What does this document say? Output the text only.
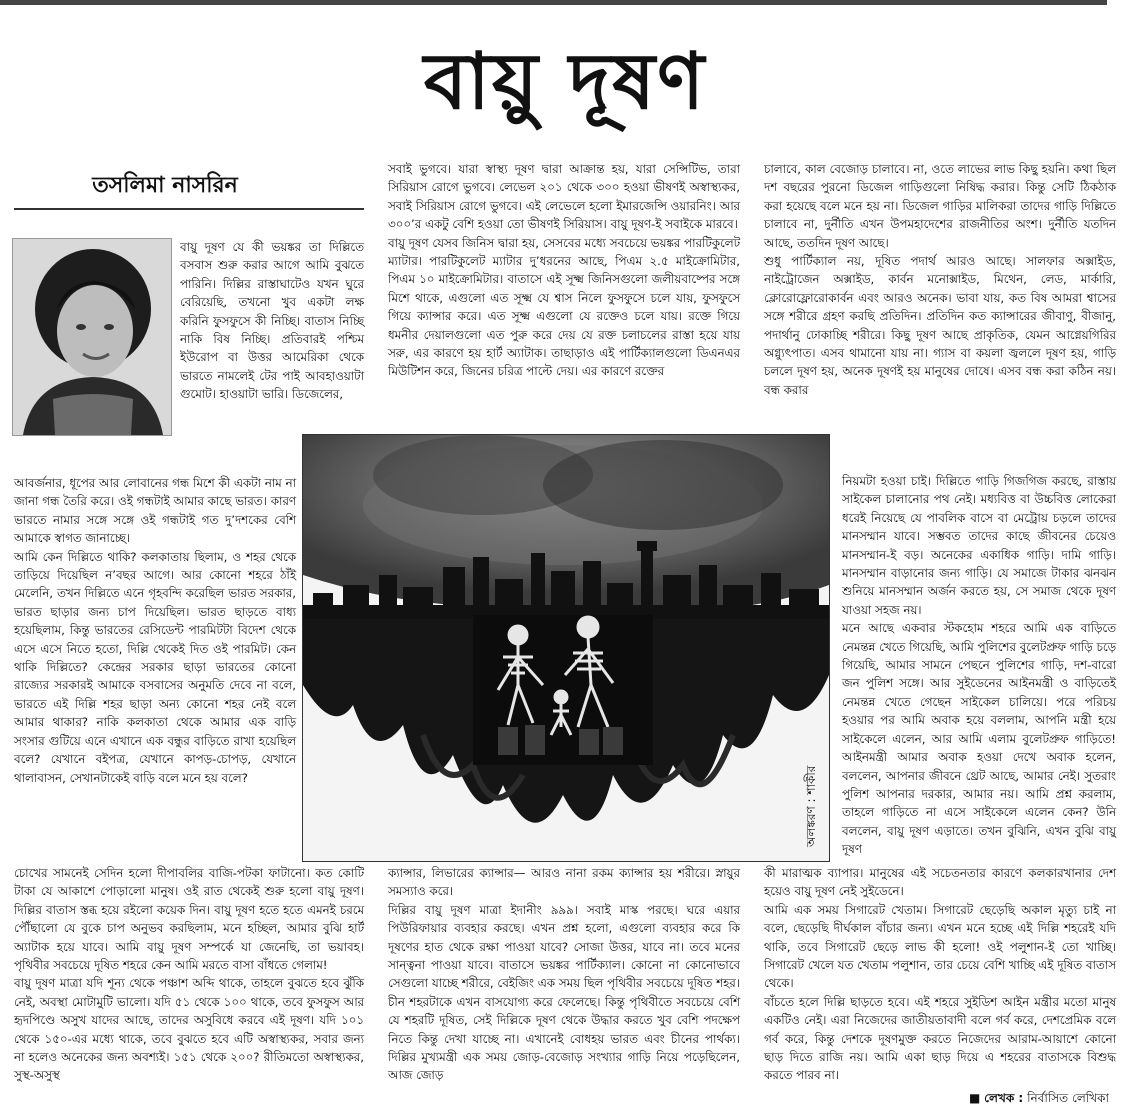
বায়ু দূষণ
তসলিমা নাসরিন

বায়ু দূষণ যে কী ভয়ঙ্কর তা দিল্লিতে বসবাস শুরু করার আগে আমি বুঝতে পারিনি। দিল্লির রাস্তাঘাটেও যখন ঘুরে বেরিয়েছি, তখনো খুব একটা লক্ষ করিনি ফুসফুসে কী নিচ্ছি। বাতাস নিচ্ছি নাকি বিষ নিচ্ছি। প্রতিবারই পশ্চিম ইউরোপ বা উত্তর আমেরিকা থেকে ভারতে নামলেই টের পাই আবহাওয়াটা গুমোট। হাওয়াটা ভারি। ডিজেলের,

আবর্জনার, ধূপের আর লোবানের গন্ধ মিশে কী একটা নাম না জানা গন্ধ তৈরি করে। ওই গন্ধটাই আমার কাছে ভারত। কারণ ভারতে নামার সঙ্গে সঙ্গে ওই গন্ধটাই গত দু’দশকের বেশি আমাকে স্বাগত জানাচ্ছে।

আমি কেন দিল্লিতে থাকি? কলকাতায় ছিলাম, ও শহর থেকে তাড়িয়ে দিয়েছিল ন’বছর আগে। আর কোনো শহরে ঠাঁই মেলেনি, তখন দিল্লিতে এনে গৃহবন্দি করেছিল ভারত সরকার, ভারত ছাড়ার জন্য চাপ দিয়েছিল। ভারত ছাড়তে বাধ্য হয়েছিলাম, কিন্তু ভারতের রেসিডেন্ট পারমিটটা বিদেশ থেকে এসে এসে নিতে হতো, দিল্লি থেকেই দিত ওই পারমিট। কেন থাকি দিল্লিতে? কেন্দ্রের সরকার ছাড়া ভারতের কোনো রাজ্যের সরকারই আমাকে বসবাসের অনুমতি দেবে না বলে, ভারতে এই দিল্লি শহর ছাড়া অন্য কোনো শহর নেই বলে আমার থাকার? নাকি কলকাতা থেকে আমার এক বাড়ি সংসার গুটিয়ে এনে এখানে এক বন্ধুর বাড়িতে রাখা হয়েছিল বলে? যেখানে বইপত্র, যেখানে কাপড়-চোপড়, যেখানে থালাবাসন, সেখানটাকেই বাড়ি বলে মনে হয় বলে?

চোখের সামনেই সেদিন হলো দীপাবলির বাজি-পটকা ফাটানো। কত কোটি টাকা যে আকাশে পোড়ালো মানুষ। ওই রাত থেকেই শুরু হলো বায়ু দূষণ। দিল্লির বাতাস স্তব্ধ হয়ে রইলো কয়েক দিন। বায়ু দূষণ হতে হতে এমনই চরমে পৌঁছালো যে বুকে চাপ অনুভব করছিলাম, মনে হচ্ছিল, আমার বুঝি হার্ট অ্যাটাক হয়ে যাবে। আমি বায়ু দূষণ সম্পর্কে যা জেনেছি, তা ভয়াবহ। পৃথিবীর সবচেয়ে দূষিত শহরে কেন আমি মরতে বাসা বাঁধতে গেলাম!

বায়ু দূষণ মাত্রা যদি শূন্য থেকে পঞ্চাশ অব্দি থাকে, তাহলে বুঝতে হবে ঝুঁকি নেই, অবস্থা মোটামুটি ভালো। যদি ৫১ থেকে ১০০ থাকে, তবে ফুসফুস আর হৃদপিণ্ডে অসুখ যাদের আছে, তাদের অসুবিধে করবে এই দূষণ। যদি ১০১ থেকে ১৫০-এর মধ্যে থাকে, তবে বুঝতে হবে এটি অস্বাস্থ্যকর, সবার জন্য না হলেও অনেকের জন্য অবশ্যই। ১৫১ থেকে ২০০? রীতিমতো অস্বাস্থ্যকর, সুস্থ-অসুস্থ

সবাই ভুগবে। যারা স্বাস্থ্য দূষণ দ্বারা আক্রান্ত হয়, যারা সেন্সিটিভ, তারা সিরিয়াস রোগে ভুগবে। লেভেল ২০১ থেকে ৩০০ হওয়া ভীষণই অস্বাস্থ্যকর, সবাই সিরিয়াস রোগে ভুগবে। এই লেভেলে হলো ইমারজেন্সি ওয়ারনিং। আর ৩০০’র একটু বেশি হওয়া তো ভীষণই সিরিয়াস। বায়ু দূষণ-ই সবাইকে মারবে।

বায়ু দূষণ যেসব জিনিস দ্বারা হয়, সেসবের মধ্যে সবচেয়ে ভয়ঙ্কর পারটিকুলেট ম্যাটার। পারটিকুলেট ম্যাটার দু’ধরনের আছে, পিএম ২.৫ মাইক্রোমিটার, পিএম ১০ মাইক্রোমিটার। বাতাসে এই সূক্ষ্ম জিনিসগুলো জলীয়বাষ্পের সঙ্গে মিশে থাকে, এগুলো এত সূক্ষ্ম যে শ্বাস নিলে ফুসফুসে চলে যায়, ফুসফুসে গিয়ে ক্যান্সার করে। এত সূক্ষ্ম এগুলো যে রক্তেও চলে যায়। রক্তে গিয়ে ধমনীর দেয়ালগুলো এত পুরু করে দেয় যে রক্ত চলাচলের রাস্তা হয়ে যায় সরু, এর কারণে হয় হার্ট অ্যাটাক। তাছাড়াও এই পার্টিক্যালগুলো ডিএনএর মিউটিশন করে, জিনের চরিত্র পাল্টে দেয়। এর কারণে রক্তের

ক্যান্সার, লিভারের ক্যান্সার— আরও নানা রকম ক্যান্সার হয় শরীরে। স্নায়ুর সমস্যাও করে।

দিল্লির বায়ু দূষণ মাত্রা ইদানীং ৯৯৯। সবাই মাস্ক পরছে। ঘরে এয়ার পিউরিফায়ার ব্যবহার করছে। এখন প্রশ্ন হলো, এগুলো ব্যবহার করে কি দূষণের হাত থেকে রক্ষা পাওয়া যাবে? সোজা উত্তর, যাবে না। তবে মনের সান্ত্বনা পাওয়া যাবে। বাতাসে ভয়ঙ্কর পার্টিক্যাল। কোনো না কোনোভাবে সেগুলো যাচ্ছে শরীরে, বেইজিং এক সময় ছিল পৃথিবীর সবচেয়ে দূষিত শহর। চীন শহরটাকে এখন বাসযোগ্য করে ফেলেছে। কিন্তু পৃথিবীতে সবচেয়ে বেশি যে শহরটি দূষিত, সেই দিল্লিকে দূষণ থেকে উদ্ধার করতে খুব বেশি পদক্ষেপ নিতে কিন্তু দেখা যাচ্ছে না। এখানেই বোধহয় ভারত এবং চীনের পার্থক্য। দিল্লির মুখ্যমন্ত্রী এক সময় জোড়-বেজোড় সংখ্যার গাড়ি নিয়ে পড়েছিলেন, আজ জোড়

চালাবে, কাল বেজোড় চালাবে। না, ওতে লাভের লাভ কিছু হয়নি। কথা ছিল দশ বছরের পুরনো ডিজেল গাড়িগুলো নিষিদ্ধ করার। কিন্তু সেটি ঠিকঠাক করা হয়েছে বলে মনে হয় না। ডিজেল গাড়ির মালিকরা তাদের গাড়ি দিল্লিতে চালাবে না, দুর্নীতি এখন উপমহাদেশের রাজনীতির অংশ। দুর্নীতি যতদিন আছে, ততদিন দূষণ আছে।

শুধু পার্টিক্যাল নয়, দূষিত পদার্থ আরও আছে। সালফার অক্সাইড, নাইট্রোজেন অক্সাইড, কার্বন মনোক্সাইড, মিথেন, লেড, মার্কারি, ক্লোরোফ্লোরোকার্বন এবং আরও অনেক। ভাবা যায়, কত বিষ আমরা শ্বাসের সঙ্গে শরীরে গ্রহণ করছি প্রতিদিন। প্রতিদিন কত ক্যান্সারের জীবাণু, বীজানু, পদার্থানু ঢোকাচ্ছি শরীরে। কিছু দূষণ আছে প্রাকৃতিক, যেমন আগ্নেয়গিরির অগ্ন্যুৎপাত। এসব থামানো যায় না। গ্যাস বা কয়লা জ্বললে দূষণ হয়, গাড়ি চললে দূষণ হয়, অনেক দূষণই হয় মানুষের দোষে। এসব বন্ধ করা কঠিন নয়। বন্ধ করার

নিয়মটা হওয়া চাই। দিল্লিতে গাড়ি গিজগিজ করছে, রাস্তায় সাইকেল চালানোর পথ নেই। মধ্যবিত্ত বা উচ্চবিত্ত লোকেরা ধরেই নিয়েছে যে পাবলিক বাসে বা মেট্রোয় চড়লে তাদের মানসম্মান যাবে। সম্ভবত তাদের কাছে জীবনের চেয়েও মানসম্মান-ই বড়। অনেকের একাধিক গাড়ি। দামি গাড়ি। মানসম্মান বাড়ানোর জন্য গাড়ি। যে সমাজে টাকার ঝনঝন শুনিয়ে মানসম্মান অর্জন করতে হয়, সে সমাজ থেকে দূষণ যাওয়া সহজ নয়।

মনে আছে একবার স্টকহোম শহরে আমি এক বাড়িতে নেমন্তন্ন খেতে গিয়েছি, আমি পুলিশের বুলেটপ্রুফ গাড়ি চড়ে গিয়েছি, আমার সামনে পেছনে পুলিশের গাড়ি, দশ-বারো জন পুলিশ সঙ্গে। আর সুইডেনের আইনমন্ত্রী ও বাড়িতেই নেমন্তন্ন খেতে গেছেন সাইকেল চালিয়ে। পরে পরিচয় হওয়ার পর আমি অবাক হয়ে বললাম, আপনি মন্ত্রী হয়ে সাইকেলে এলেন, আর আমি এলাম বুলেটপ্রুফ গাড়িতে! আইনমন্ত্রী আমার অবাক হওয়া দেখে অবাক হলেন, বললেন, আপনার জীবনে থ্রেট আছে, আমার নেই। সুতরাং পুলিশ আপনার দরকার, আমার নয়। আমি প্রশ্ন করলাম, তাহলে গাড়িতে না এসে সাইকেলে এলেন কেন? উনি বললেন, বায়ু দূষণ এড়াতে। তখন বুঝিনি, এখন বুঝি বায়ু দূষণ

কী মারাত্মক ব্যাপার। মানুষের এই সচেতনতার কারণে কলকারখানার দেশ হয়েও বায়ু দূষণ নেই সুইডেনে।

আমি এক সময় সিগারেট খেতাম। সিগারেট ছেড়েছি অকাল মৃত্যু চাই না বলে, ছেড়েছি দীর্ঘকাল বাঁচার জন্য। এখন মনে হচ্ছে এই দিল্লি শহরেই যদি থাকি, তবে সিগারেট ছেড়ে লাভ কী হলো! ওই পলুশান-ই তো খাচ্ছি। সিগারেট খেলে যত খেতাম পলুশান, তার চেয়ে বেশি খাচ্ছি এই দূষিত বাতাস থেকে।

বাঁচতে হলে দিল্লি ছাড়তে হবে। এই শহরে সুইডিশ আইন মন্ত্রীর মতো মানুষ একটিও নেই। এরা নিজেদের জাতীয়তাবাদী বলে গর্ব করে, দেশপ্রেমিক বলে গর্ব করে, কিন্তু দেশকে দূষণমুক্ত করতে নিজেদের আরাম-আয়াশে কোনো ছাড় দিতে রাজি নয়। আমি একা ছাড় দিয়ে এ শহরের বাতাসকে বিশুদ্ধ করতে পারব না।

অলঙ্করণ : শাকীর
■ লেখক : নির্বাসিত লেখিকা
